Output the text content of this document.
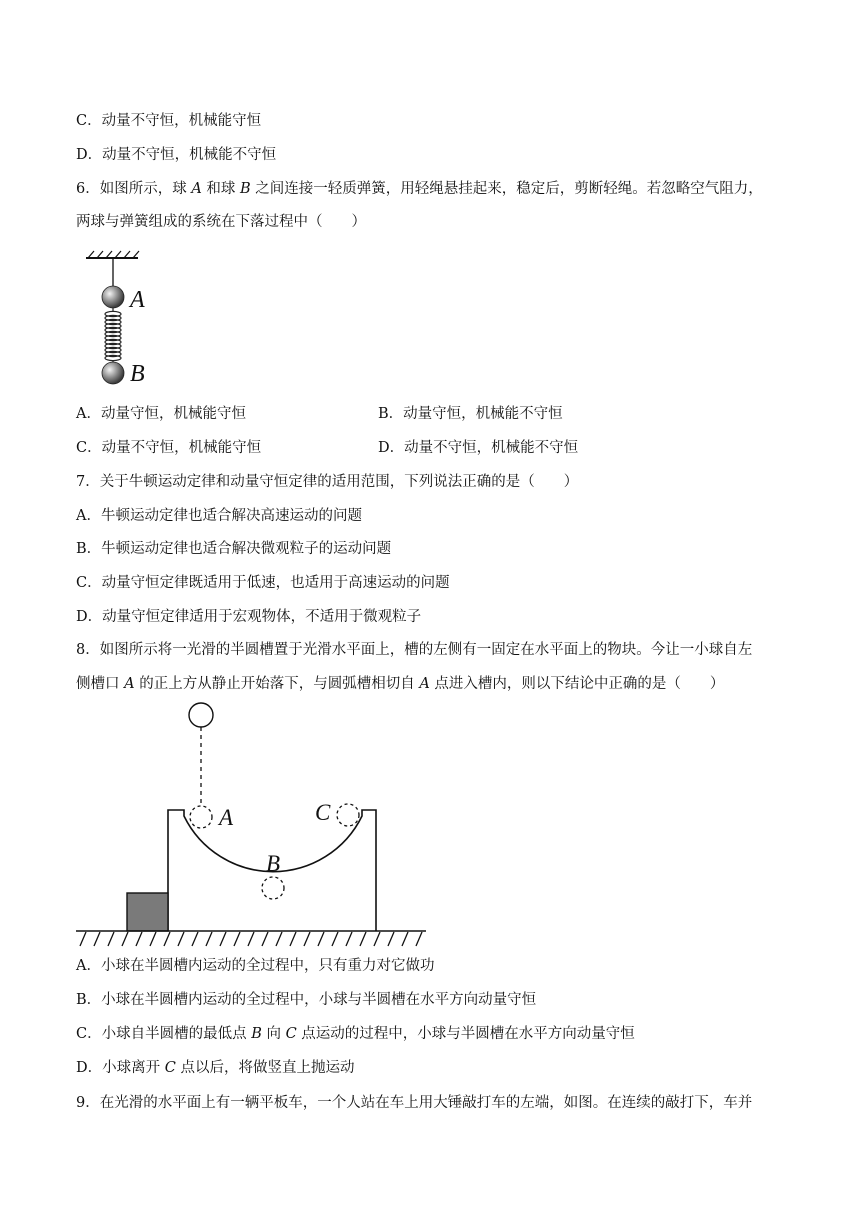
C．动量不守恒，机械能守恒
D．动量不守恒，机械能不守恒
6．如图所示，球 A 和球 B 之间连接一轻质弹簧，用轻绳悬挂起来，稳定后，剪断轻绳。若忽略空气阻力，
两球与弹簧组成的系统在下落过程中（　　）
A
B
A．动量守恒，机械能守恒	B．动量守恒，机械能不守恒
C．动量不守恒，机械能守恒	D．动量不守恒，机械能不守恒
7．关于牛顿运动定律和动量守恒定律的适用范围，下列说法正确的是（　　）
A．牛顿运动定律也适合解决高速运动的问题
B．牛顿运动定律也适合解决微观粒子的运动问题
C．动量守恒定律既适用于低速，也适用于高速运动的问题
D．动量守恒定律适用于宏观物体，不适用于微观粒子
8．如图所示将一光滑的半圆槽置于光滑水平面上，槽的左侧有一固定在水平面上的物块。今让一小球自左
侧槽口 A 的正上方从静止开始落下，与圆弧槽相切自 A 点进入槽内，则以下结论中正确的是（　　）
A
B
C
A．小球在半圆槽内运动的全过程中，只有重力对它做功
B．小球在半圆槽内运动的全过程中，小球与半圆槽在水平方向动量守恒
C．小球自半圆槽的最低点 B 向 C 点运动的过程中，小球与半圆槽在水平方向动量守恒
D．小球离开 C 点以后，将做竖直上抛运动
9．在光滑的水平面上有一辆平板车，一个人站在车上用大锤敲打车的左端，如图。在连续的敲打下，车并
